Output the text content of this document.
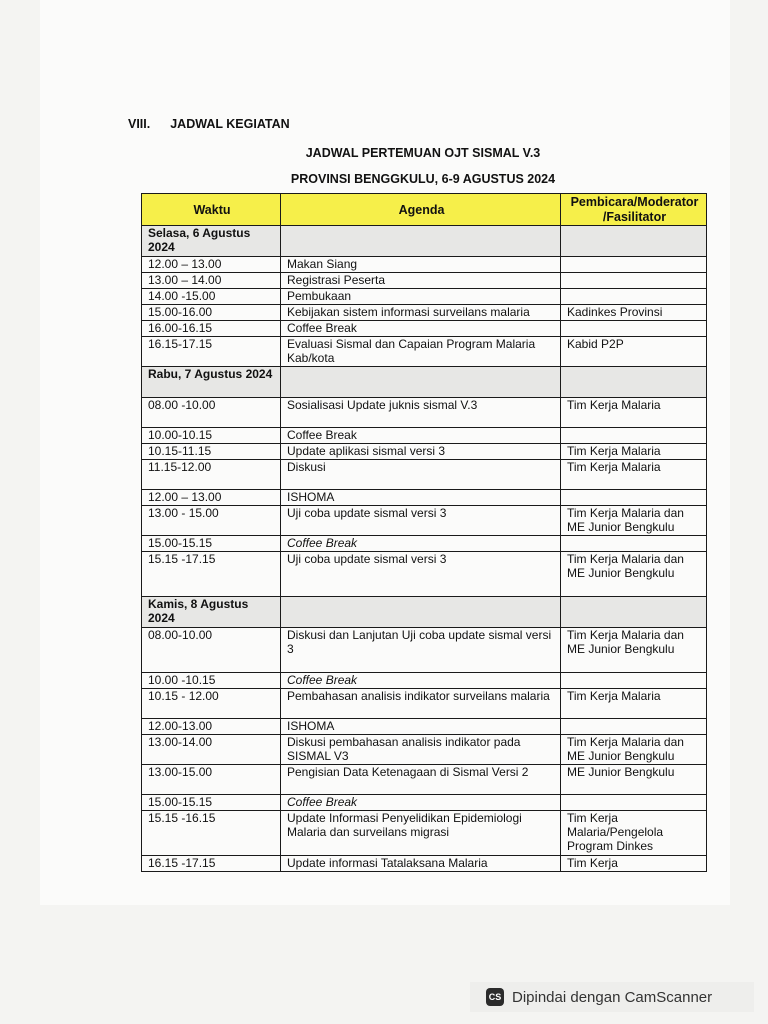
VIII. JADWAL KEGIATAN
JADWAL PERTEMUAN OJT SISMAL V.3
PROVINSI BENGGKULU, 6-9 AGUSTUS 2024
Waktu	Agenda	Pembicara/Moderator /Fasilitator
Selasa, 6 Agustus 2024		
12.00 – 13.00	Makan Siang	
13.00 – 14.00	Registrasi Peserta	
14.00 -15.00	Pembukaan	
15.00-16.00	Kebijakan sistem informasi surveilans malaria	Kadinkes Provinsi
16.00-16.15	Coffee Break	
16.15-17.15	Evaluasi Sismal dan Capaian Program Malaria Kab/kota	Kabid P2P
Rabu, 7 Agustus 2024		
08.00 -10.00	Sosialisasi Update juknis sismal V.3	Tim Kerja Malaria
10.00-10.15	Coffee Break	
10.15-11.15	Update aplikasi sismal versi 3	Tim Kerja Malaria
11.15-12.00	Diskusi	Tim Kerja Malaria
12.00 – 13.00	ISHOMA	
13.00 - 15.00	Uji coba update sismal versi 3	Tim Kerja Malaria dan ME Junior Bengkulu
15.00-15.15	Coffee Break	
15.15 -17.15	Uji coba update sismal versi 3	Tim Kerja Malaria dan ME Junior Bengkulu
Kamis, 8 Agustus 2024		
08.00-10.00	Diskusi dan Lanjutan Uji coba update sismal versi 3	Tim Kerja Malaria dan ME Junior Bengkulu
10.00 -10.15	Coffee Break	
10.15 - 12.00	Pembahasan analisis indikator surveilans malaria	Tim Kerja Malaria
12.00-13.00	ISHOMA	
13.00-14.00	Diskusi pembahasan analisis indikator pada SISMAL V3	Tim Kerja Malaria dan ME Junior Bengkulu
13.00-15.00	Pengisian Data Ketenagaan di Sismal Versi 2	ME Junior Bengkulu
15.00-15.15	Coffee Break	
15.15 -16.15	Update Informasi Penyelidikan Epidemiologi Malaria dan surveilans migrasi	Tim Kerja Malaria/Pengelola Program Dinkes
16.15 -17.15	Update informasi Tatalaksana Malaria	Tim Kerja
CS Dipindai dengan CamScanner
